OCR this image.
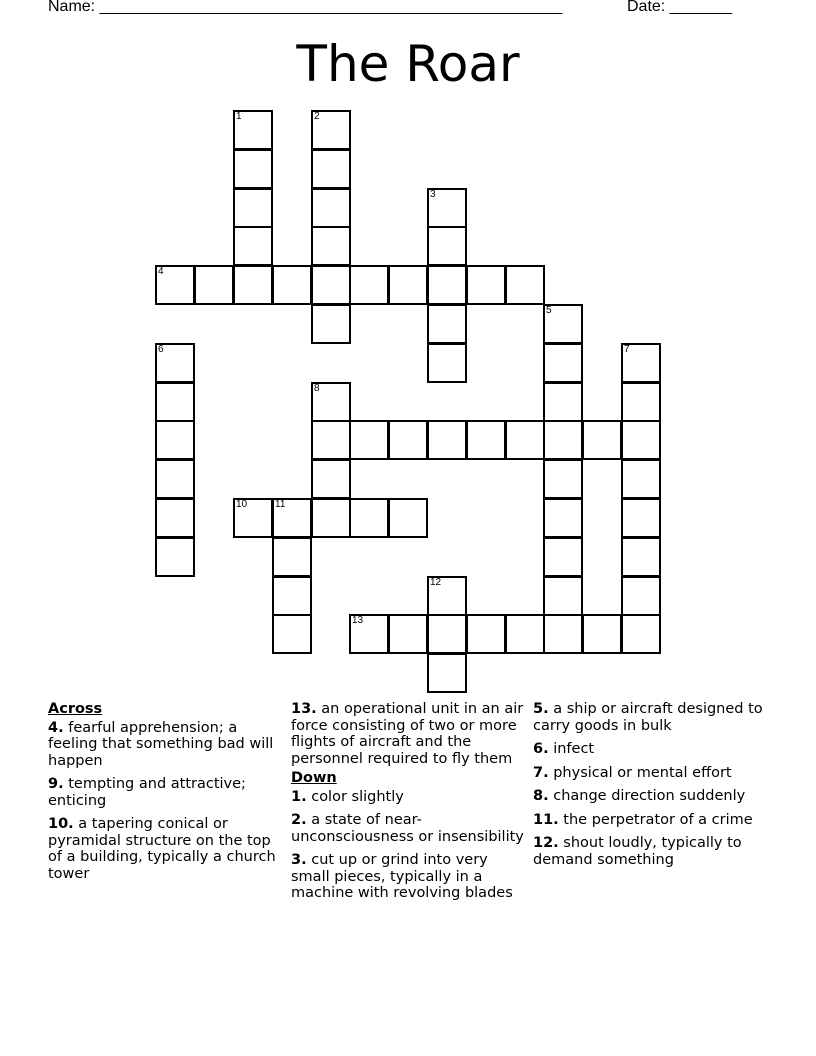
Name: ____________________________________________________	Date: _______
The Roar
1	2
3
4
5
6	7
8
10	11
12
13
Across
4. fearful apprehension; a feeling that something bad will happen
9. tempting and attractive; enticing
10. a tapering conical or pyramidal structure on the top of a building, typically a church tower
13. an operational unit in an air force consisting of two or more flights of aircraft and the personnel required to fly them
Down
1. color slightly
2. a state of near-unconsciousness or insensibility
3. cut up or grind into very small pieces, typically in a machine with revolving blades
5. a ship or aircraft designed to carry goods in bulk
6. infect
7. physical or mental effort
8. change direction suddenly
11. the perpetrator of a crime
12. shout loudly, typically to demand something
